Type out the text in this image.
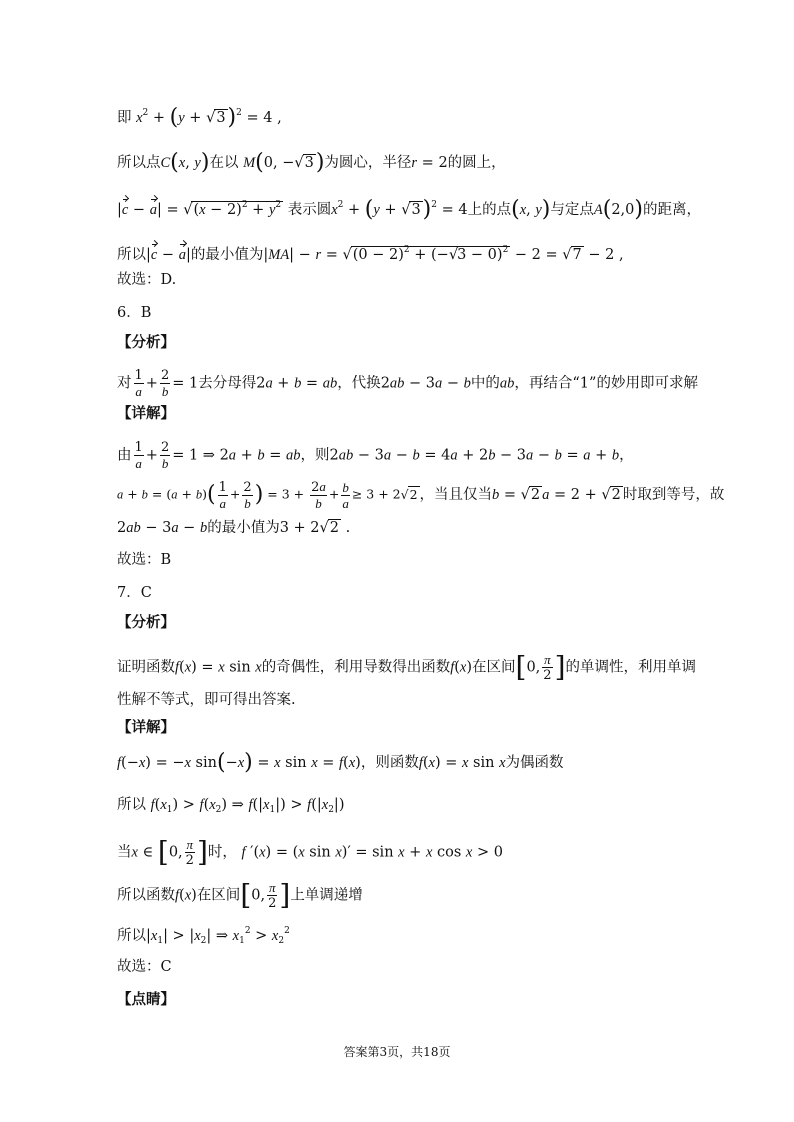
即 $x^2 + (y + √3)^2 = 4$ ,
所以点C(x, y)在以 M(0, −√3)为圆心，半径r = 2的圆上，
$|c - a| = √(x - 2)^2 + y^2$ 表示圆$x^2 + (y + √3)^2 = 4$上的点(x, y)与定点A(2,0)的距离，
所以|c − a|的最小值为$|MA| - r = √(0 - 2)^2 + (-√3 - 0)^2 - 2 = √7 - 2$ ,
故选：D.
6．B
【分析】
对 $\frac{1}{a} + \frac{2}{b} = 1$去分母得2a + b = ab，代换2ab − 3a − b中的ab，再结合“1”的妙用即可求解
【详解】
由 $\frac{1}{a} + \frac{2}{b} = 1$ ⇒ 2a + b = ab，则2ab − 3a − b = 4a + 2b − 3a − b = a + b，
$a + b = (a + b)( \frac{1}{a} + \frac{2}{b}$ ) = $3 + \frac{2a}{b} + \frac{b}{a} \ge 3 + 2√2$ ，当且仅当b = √2 a = 2 + √2 时取到等号，故
2ab − 3a − b的最小值为3 + 2√2 .
故选：B
7．C
【分析】
证明函数f(x) = x sin x的奇偶性，利用导数得出函数f(x)在区间[0, $\frac{\pi}{2}$ ]的单调性，利用单调
性解不等式，即可得出答案.
【详解】
f(−x) = −x sin(−x) = x sin x = f(x)，则函数f(x) = x sin x为偶函数
所以 $f(x_1) > f(x_2)$ ⇒ $f(|x_1|) > f(|x_2|)$
当x ∈ [0, $\frac{\pi}{2}$ ]时， f ′(x) = (x sin x)′ = sin x + x cos x > 0
所以函数f(x)在区间[0, $\frac{\pi}{2}$ ]上单调递增
所以$|x_1| > |x_2|$ ⇒ $x_1^2 > x_2^2$
故选：C
【点睛】
答案第3页，共18页
